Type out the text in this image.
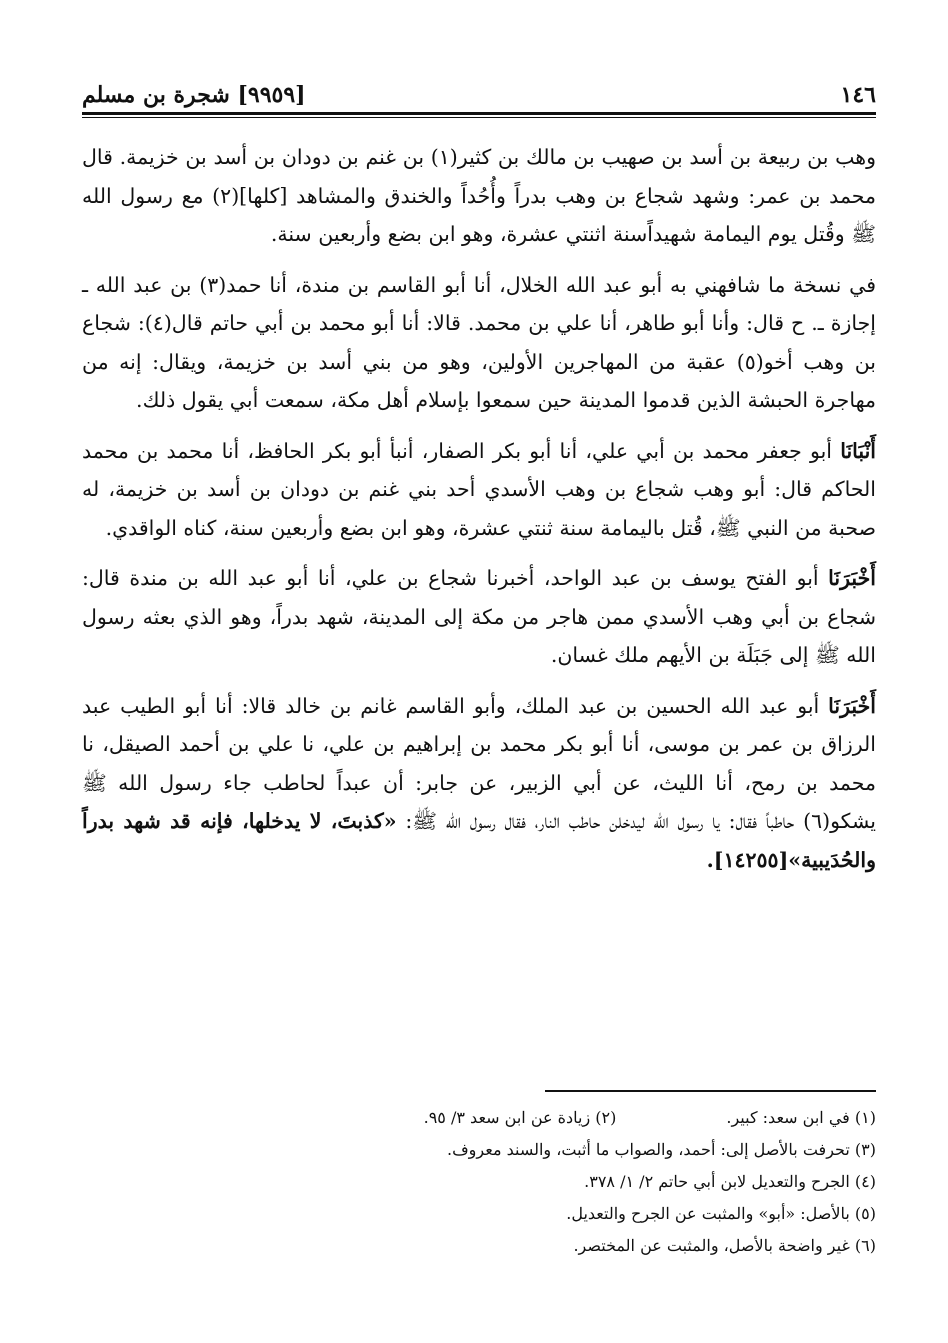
١٤٦
[٩٩٥٩] شجرة بن مسلم

وهب بن ربيعة بن أسد بن صهيب بن مالك بن كثير(١) بن غنم بن دودان بن أسد بن خزيمة. قال محمد بن عمر: وشهد شجاع بن وهب بدراً وأُحُداً والخندق والمشاهد [كلها](٢) مع رسول الله ﷺ وقُتل يوم اليمامة شهيداًسنة اثنتي عشرة، وهو ابن بضع وأربعين سنة.

في نسخة ما شافهني به أبو عبد الله الخلال، أنا أبو القاسم بن مندة، أنا حمد(٣) بن عبد الله ـ إجازة ـ. ح قال: وأنا أبو طاهر، أنا علي بن محمد. قالا: أنا أبو محمد بن أبي حاتم قال(٤): شجاع بن وهب أخو(٥) عقبة من المهاجرين الأولين، وهو من بني أسد بن خزيمة، ويقال: إنه من مهاجرة الحبشة الذين قدموا المدينة حين سمعوا بإسلام أهل مكة، سمعت أبي يقول ذلك.

أَنْبَانَا أبو جعفر محمد بن أبي علي، أنا أبو بكر الصفار، أنبأ أبو بكر الحافظ، أنا محمد بن محمد الحاكم قال: أبو وهب شجاع بن وهب الأسدي أحد بني غنم بن دودان بن أسد بن خزيمة، له صحبة من النبي ﷺ، قُتل باليمامة سنة ثنتي عشرة، وهو ابن بضع وأربعين سنة، كناه الواقدي.

أَخْبَرَنَا أبو الفتح يوسف بن عبد الواحد، أخبرنا شجاع بن علي، أنا أبو عبد الله بن مندة قال: شجاع بن أبي وهب الأسدي ممن هاجر من مكة إلى المدينة، شهد بدراً، وهو الذي بعثه رسول الله ﷺ إلى جَبَلَة بن الأيهم ملك غسان.

أَخْبَرَنَا أبو عبد الله الحسين بن عبد الملك، وأبو القاسم غانم بن خالد قالا: أنا أبو الطيب عبد الرزاق بن عمر بن موسى، أنا أبو بكر محمد بن إبراهيم بن علي، نا علي بن أحمد الصيقل، نا محمد بن رمح، أنا الليث، عن أبي الزبير، عن جابر: أن عبداً لحاطب جاء رسول الله ﷺ يشكو(٦) حاطباً فقال: يا رسول الله ليدخلن حاطب النار، فقال رسول الله ﷺ: «كذبتَ، لا يدخلها، فإنه قد شهد بدراً والحُدَيبية»[١٤٢٥٥].

(١) في ابن سعد: كبير.
(٢) زيادة عن ابن سعد ٣/ ٩٥.
(٣) تحرفت بالأصل إلى: أحمد، والصواب ما أثبت، والسند معروف.
(٤) الجرح والتعديل لابن أبي حاتم ٢/ ١/ ٣٧٨.
(٥) بالأصل: «أبو» والمثبت عن الجرح والتعديل.
(٦) غير واضحة بالأصل، والمثبت عن المختصر.
